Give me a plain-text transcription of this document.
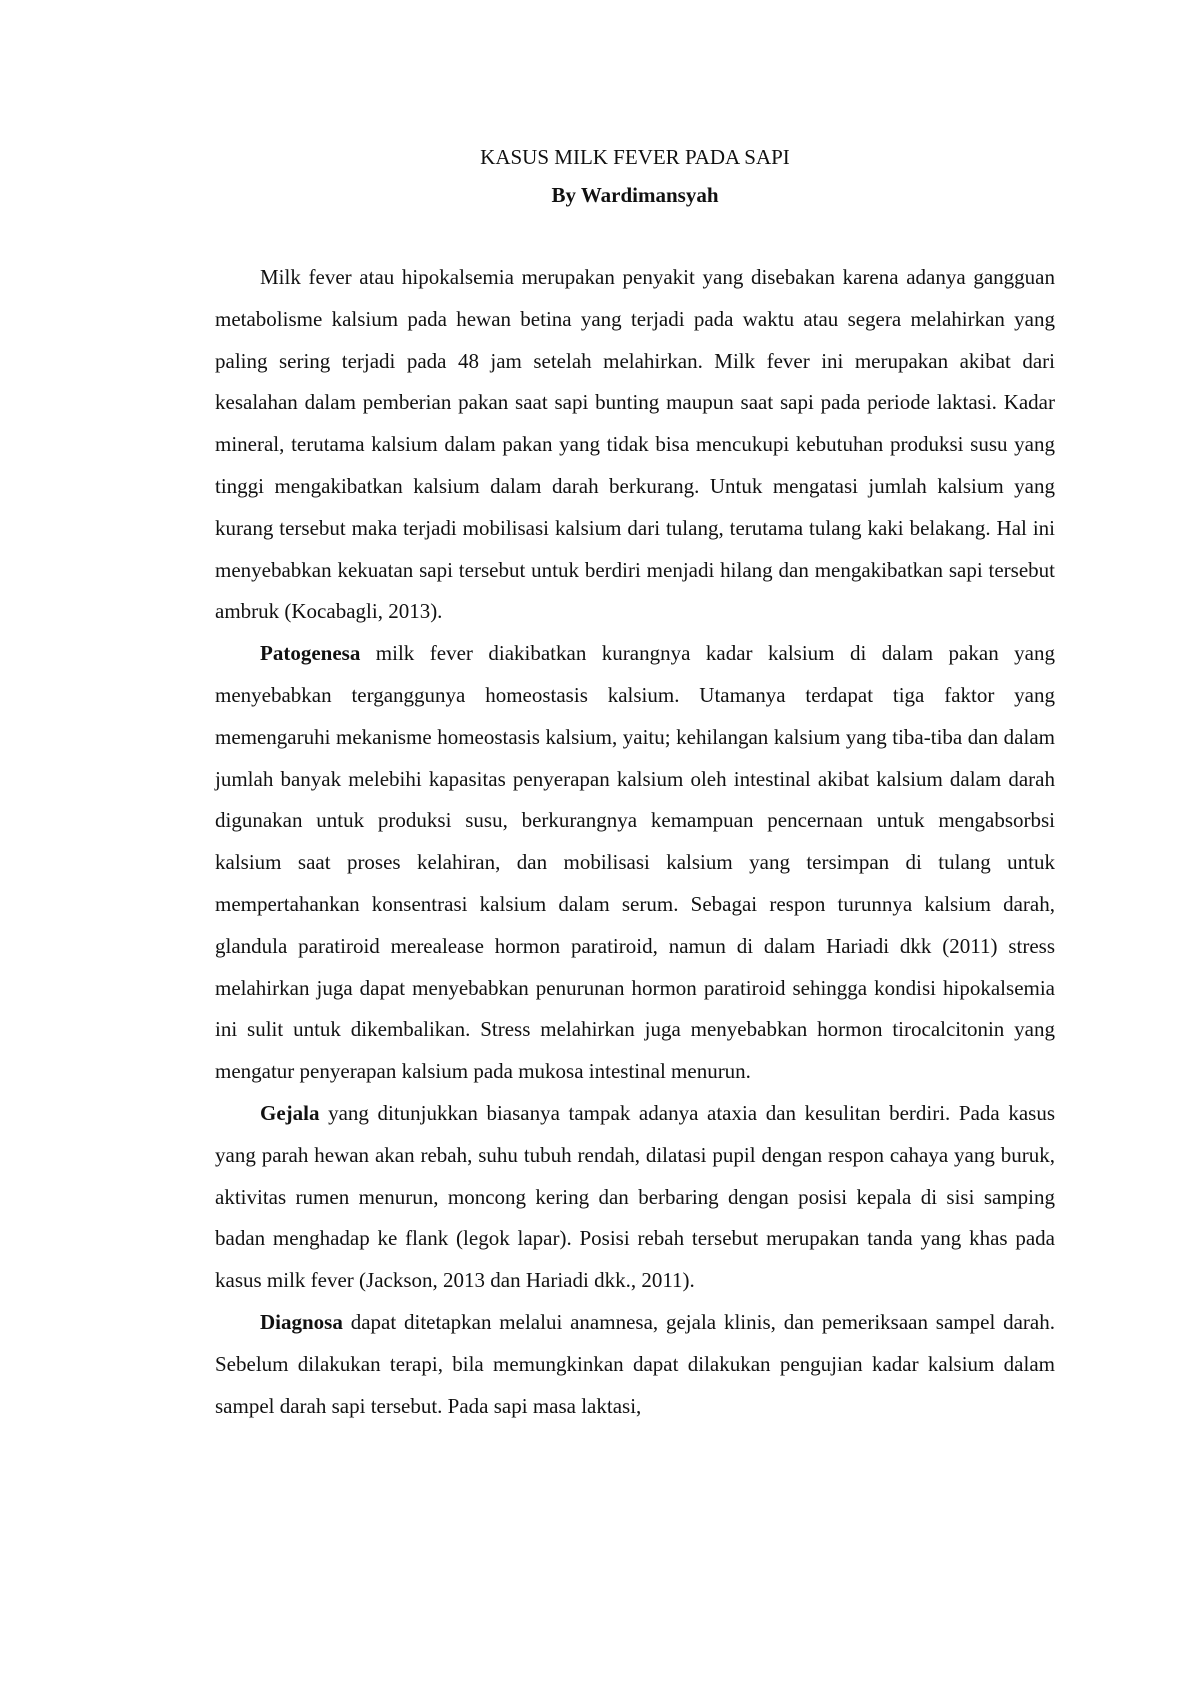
KASUS MILK FEVER PADA SAPI

By Wardimansyah

Milk fever atau hipokalsemia merupakan penyakit yang disebakan karena adanya gangguan metabolisme kalsium pada hewan betina yang terjadi pada waktu atau segera melahirkan yang paling sering terjadi pada 48 jam setelah melahirkan. Milk fever ini merupakan akibat dari kesalahan dalam pemberian pakan saat sapi bunting maupun saat sapi pada periode laktasi. Kadar mineral, terutama kalsium dalam pakan yang tidak bisa mencukupi kebutuhan produksi susu yang tinggi mengakibatkan kalsium dalam darah berkurang. Untuk mengatasi jumlah kalsium yang kurang tersebut maka terjadi mobilisasi kalsium dari tulang, terutama tulang kaki belakang. Hal ini menyebabkan kekuatan sapi tersebut untuk berdiri menjadi hilang dan mengakibatkan sapi tersebut ambruk (Kocabagli, 2013).

Patogenesa milk fever diakibatkan kurangnya kadar kalsium di dalam pakan yang menyebabkan terganggunya homeostasis kalsium. Utamanya terdapat tiga faktor yang memengaruhi mekanisme homeostasis kalsium, yaitu; kehilangan kalsium yang tiba-tiba dan dalam jumlah banyak melebihi kapasitas penyerapan kalsium oleh intestinal akibat kalsium dalam darah digunakan untuk produksi susu, berkurangnya kemampuan pencernaan untuk mengabsorbsi kalsium saat proses kelahiran, dan mobilisasi kalsium yang tersimpan di tulang untuk mempertahankan konsentrasi kalsium dalam serum. Sebagai respon turunnya kalsium darah, glandula paratiroid merealease hormon paratiroid, namun di dalam Hariadi dkk (2011) stress melahirkan juga dapat menyebabkan penurunan hormon paratiroid sehingga kondisi hipokalsemia ini sulit untuk dikembalikan. Stress melahirkan juga menyebabkan hormon tirocalcitonin yang mengatur penyerapan kalsium pada mukosa intestinal menurun.

Gejala yang ditunjukkan biasanya tampak adanya ataxia dan kesulitan berdiri. Pada kasus yang parah hewan akan rebah, suhu tubuh rendah, dilatasi pupil dengan respon cahaya yang buruk, aktivitas rumen menurun, moncong kering dan berbaring dengan posisi kepala di sisi samping badan menghadap ke flank (legok lapar). Posisi rebah tersebut merupakan tanda yang khas pada kasus milk fever (Jackson, 2013 dan Hariadi dkk., 2011).

Diagnosa dapat ditetapkan melalui anamnesa, gejala klinis, dan pemeriksaan sampel darah. Sebelum dilakukan terapi, bila memungkinkan dapat dilakukan pengujian kadar kalsium dalam sampel darah sapi tersebut. Pada sapi masa laktasi,
